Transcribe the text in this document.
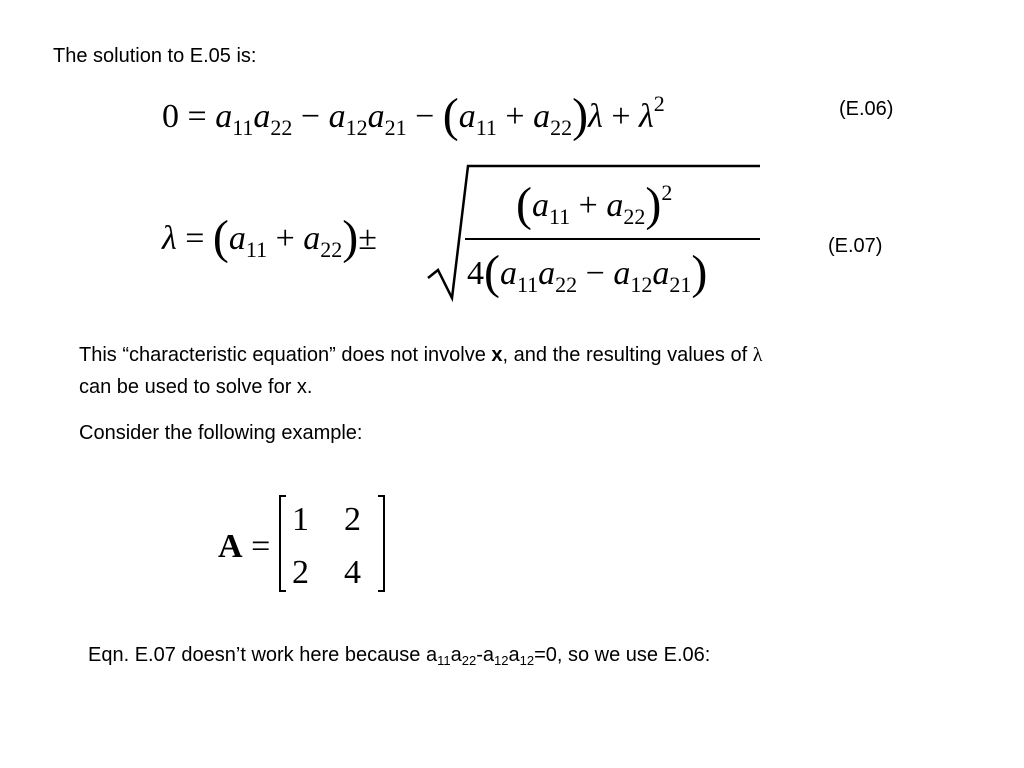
The solution to E.05 is:
$0 = a_{11}a_{22} - a_{12}a_{21} - (a_{11} + a_{22})\lambda + \lambda^2$	(E.06)
$\lambda = (a_{11} + a_{22})\pm$
$(a_{11} + a_{22})^2$
$4(a_{11}a_{22} - a_{12}a_{21})$	(E.07)
This “characteristic equation” does not involve x, and the resulting values of λ
can be used to solve for x.
Consider the following example:
A =
1 2
2 4
Eqn. E.07 doesn’t work here because $a_{11}a_{22}-a_{12}a_{12}=0$, so we use E.06:
